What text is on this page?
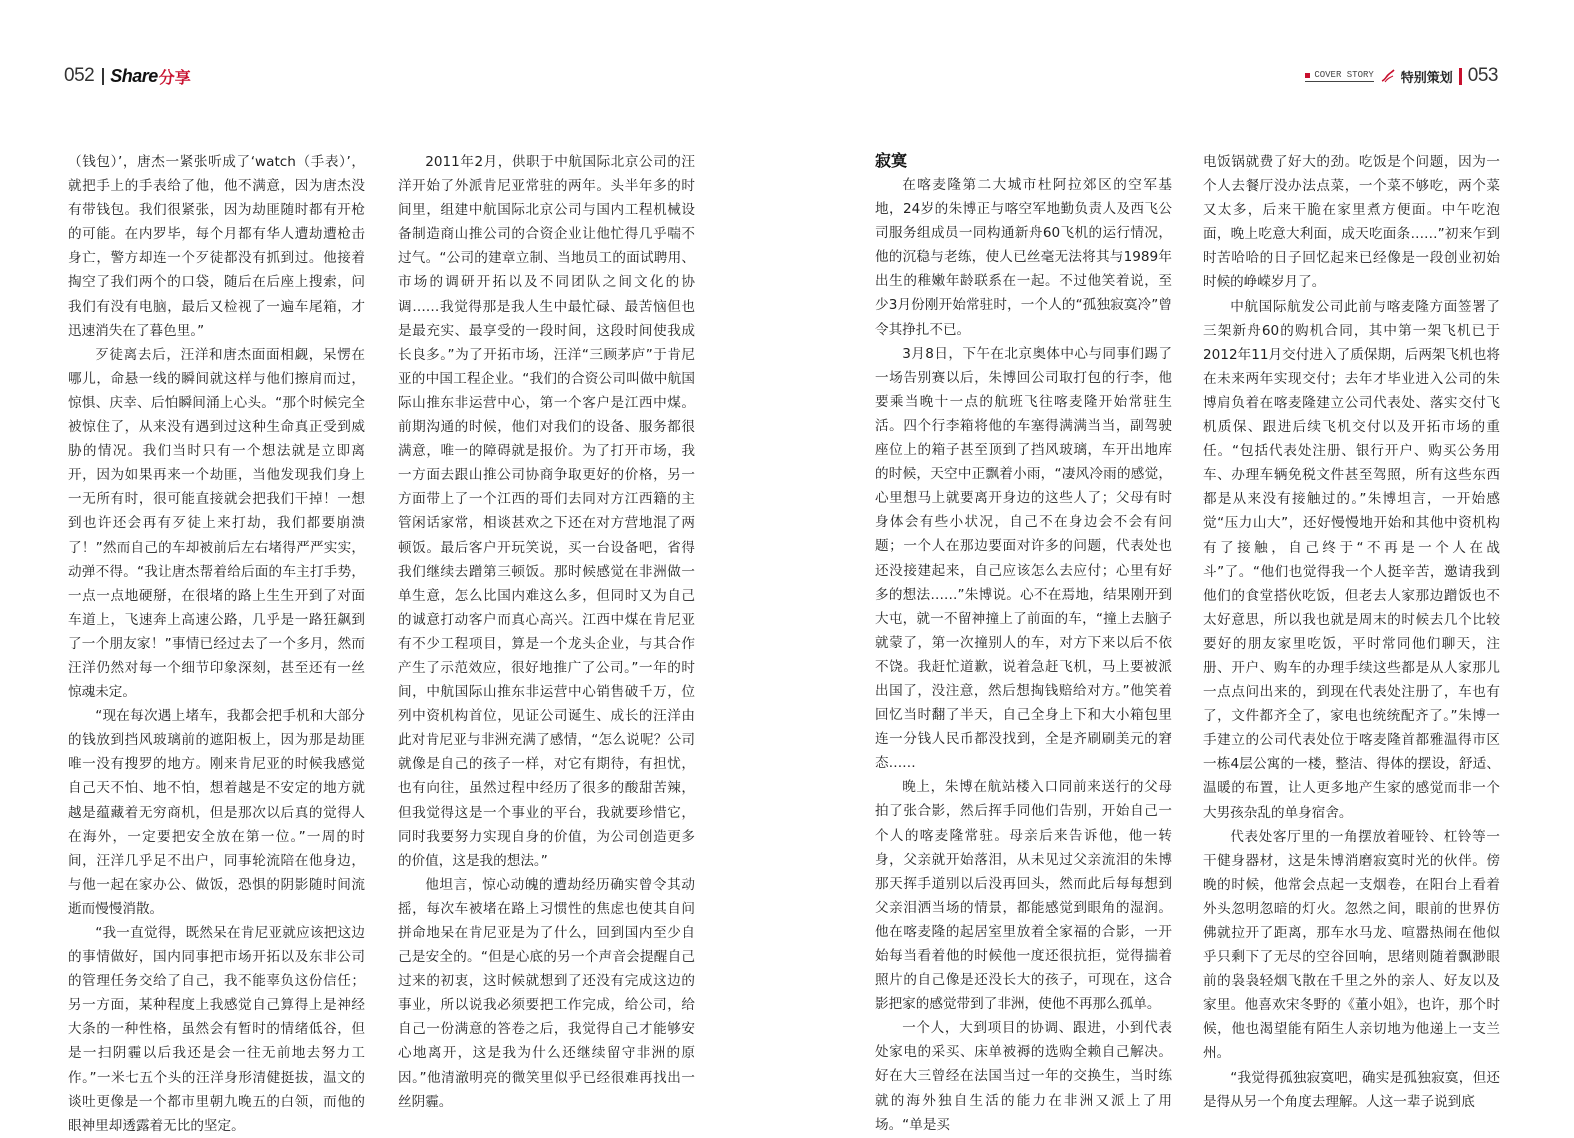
052 Share 分享	COVER STORY 特别策划 053

（钱包）’，唐杰一紧张听成了‘watch（手表）’，就把手上的手表给了他，他不满意，因为唐杰没有带钱包。我们很紧张，因为劫匪随时都有开枪的可能。在内罗毕，每个月都有华人遭劫遭枪击身亡，警方却连一个歹徒都没有抓到过。他接着掏空了我们两个的口袋，随后在后座上搜索，问我们有没有电脑，最后又检视了一遍车尾箱，才迅速消失在了暮色里。”

歹徒离去后，汪洋和唐杰面面相觑，呆愣在哪儿，命悬一线的瞬间就这样与他们擦肩而过，惊惧、庆幸、后怕瞬间涌上心头。“那个时候完全被惊住了，从来没有遇到过这种生命真正受到威胁的情况。我们当时只有一个想法就是立即离开，因为如果再来一个劫匪，当他发现我们身上一无所有时，很可能直接就会把我们干掉！一想到也许还会再有歹徒上来打劫，我们都要崩溃了！”然而自己的车却被前后左右堵得严严实实，动弹不得。“我让唐杰帮着给后面的车主打手势，一点一点地硬掰，在很堵的路上生生开到了对面车道上，飞速奔上高速公路，几乎是一路狂飙到了一个朋友家！”事情已经过去了一个多月，然而汪洋仍然对每一个细节印象深刻，甚至还有一丝惊魂未定。

“现在每次遇上堵车，我都会把手机和大部分的钱放到挡风玻璃前的遮阳板上，因为那是劫匪唯一没有搜罗的地方。刚来肯尼亚的时候我感觉自己天不怕、地不怕，想着越是不安定的地方就越是蕴藏着无穷商机，但是那次以后真的觉得人在海外，一定要把安全放在第一位。”一周的时间，汪洋几乎足不出户，同事轮流陪在他身边，与他一起在家办公、做饭，恐惧的阴影随时间流逝而慢慢消散。

“我一直觉得，既然呆在肯尼亚就应该把这边的事情做好，国内同事把市场开拓以及东非公司的管理任务交给了自己，我不能辜负这份信任；另一方面，某种程度上我感觉自己算得上是神经大条的一种性格，虽然会有暂时的情绪低谷，但是一扫阴霾以后我还是会一往无前地去努力工作。”一米七五个头的汪洋身形清健挺拔，温文的谈吐更像是一个都市里朝九晚五的白领，而他的眼神里却透露着无比的坚定。

2011年2月，供职于中航国际北京公司的汪洋开始了外派肯尼亚常驻的两年。头半年多的时间里，组建中航国际北京公司与国内工程机械设备制造商山推公司的合资企业让他忙得几乎喘不过气。“公司的建章立制、当地员工的面试聘用、市场的调研开拓以及不同团队之间文化的协调……我觉得那是我人生中最忙碌、最苦恼但也是最充实、最享受的一段时间，这段时间使我成长良多。”为了开拓市场，汪洋“三顾茅庐”于肯尼亚的中国工程企业。“我们的合资公司叫做中航国际山推东非运营中心，第一个客户是江西中煤。前期沟通的时候，他们对我们的设备、服务都很满意，唯一的障碍就是报价。为了打开市场，我一方面去跟山推公司协商争取更好的价格，另一方面带上了一个江西的哥们去同对方江西籍的主管闲话家常，相谈甚欢之下还在对方营地混了两顿饭。最后客户开玩笑说，买一台设备吧，省得我们继续去蹭第三顿饭。那时候感觉在非洲做一单生意，怎么比国内难这么多，但同时又为自己的诚意打动客户而真心高兴。江西中煤在肯尼亚有不少工程项目，算是一个龙头企业，与其合作产生了示范效应，很好地推广了公司。”一年的时间，中航国际山推东非运营中心销售破千万，位列中资机构首位，见证公司诞生、成长的汪洋由此对肯尼亚与非洲充满了感情，“怎么说呢？公司就像是自己的孩子一样，对它有期待，有担忧，也有向往，虽然过程中经历了很多的酸甜苦辣，但我觉得这是一个事业的平台，我就要珍惜它，同时我要努力实现自身的价值，为公司创造更多的价值，这是我的想法。”

他坦言，惊心动魄的遭劫经历确实曾令其动摇，每次车被堵在路上习惯性的焦虑也使其自问拼命地呆在肯尼亚是为了什么，回到国内至少自己是安全的。“但是心底的另一个声音会提醒自己过来的初衷，这时候就想到了还没有完成这边的事业，所以说我必须要把工作完成，给公司，给自己一份满意的答卷之后，我觉得自己才能够安心地离开，这是我为什么还继续留守非洲的原因。”他清澈明亮的微笑里似乎已经很难再找出一丝阴霾。

寂寞

在喀麦隆第二大城市杜阿拉郊区的空军基地，24岁的朱博正与喀空军地勤负责人及西飞公司服务组成员一同构通新舟60飞机的运行情况，他的沉稳与老练，使人已丝毫无法将其与1989年出生的稚嫩年龄联系在一起。不过他笑着说，至少3月份刚开始常驻时，一个人的“孤独寂寞冷”曾令其挣扎不已。

3月8日，下午在北京奥体中心与同事们踢了一场告别赛以后，朱博回公司取打包的行李，他要乘当晚十一点的航班飞往喀麦隆开始常驻生活。四个行李箱将他的车塞得满满当当，副驾驶座位上的箱子甚至顶到了挡风玻璃，车开出地库的时候，天空中正飘着小雨，“凄风冷雨的感觉，心里想马上就要离开身边的这些人了；父母有时身体会有些小状况，自己不在身边会不会有问题；一个人在那边要面对许多的问题，代表处也还没接建起来，自己应该怎么去应付；心里有好多的想法……”朱博说。心不在焉地，结果刚开到大屯，就一不留神撞上了前面的车，“撞上去脑子就蒙了，第一次撞别人的车，对方下来以后不依不饶。我赶忙道歉，说着急赶飞机，马上要被派出国了，没注意，然后想掏钱赔给对方。”他笑着回忆当时翻了半天，自己全身上下和大小箱包里连一分钱人民币都没找到，全是齐刷刷美元的窘态……

晚上，朱博在航站楼入口同前来送行的父母拍了张合影，然后挥手同他们告别，开始自己一个人的喀麦隆常驻。母亲后来告诉他，他一转身，父亲就开始落泪，从未见过父亲流泪的朱博那天挥手道别以后没再回头，然而此后每每想到父亲泪洒当场的情景，都能感觉到眼角的湿润。他在喀麦隆的起居室里放着全家福的合影，一开始每当看着他的时候他一度还很抗拒，觉得揣着照片的自己像是还没长大的孩子，可现在，这合影把家的感觉带到了非洲，使他不再那么孤单。

一个人，大到项目的协调、跟进，小到代表处家电的采买、床单被褥的选购全赖自己解决。好在大三曾经在法国当过一年的交换生，当时练就的海外独自生活的能力在非洲又派上了用场。“单是买

电饭锅就费了好大的劲。吃饭是个问题，因为一个人去餐厅没办法点菜，一个菜不够吃，两个菜又太多，后来干脆在家里煮方便面。中午吃泡面，晚上吃意大利面，成天吃面条……”初来乍到时苦哈哈的日子回忆起来已经像是一段创业初始时候的峥嵘岁月了。

中航国际航发公司此前与喀麦隆方面签署了三架新舟60的购机合同，其中第一架飞机已于2012年11月交付进入了质保期，后两架飞机也将在未来两年实现交付；去年才毕业进入公司的朱博肩负着在喀麦隆建立公司代表处、落实交付飞机质保、跟进后续飞机交付以及开拓市场的重任。“包括代表处注册、银行开户、购买公务用车、办理车辆免税文件甚至驾照，所有这些东西都是从来没有接触过的。”朱博坦言，一开始感觉“压力山大”，还好慢慢地开始和其他中资机构有了接触，自己终于“不再是一个人在战斗”了。“他们也觉得我一个人挺辛苦，邀请我到他们的食堂搭伙吃饭，但老去人家那边蹭饭也不太好意思，所以我也就是周末的时候去几个比较要好的朋友家里吃饭，平时常同他们聊天，注册、开户、购车的办理手续这些都是从人家那儿一点点问出来的，到现在代表处注册了，车也有了，文件都齐全了，家电也统统配齐了。”朱博一手建立的公司代表处位于喀麦隆首都雅温得市区一栋4层公寓的一楼，整洁、得体的摆设，舒适、温暖的布置，让人更多地产生家的感觉而非一个大男孩杂乱的单身宿舍。

代表处客厅里的一角摆放着哑铃、杠铃等一干健身器材，这是朱博消磨寂寞时光的伙伴。傍晚的时候，他常会点起一支烟卷，在阳台上看着外头忽明忽暗的灯火。忽然之间，眼前的世界仿佛就拉开了距离，那车水马龙、喧嚣热闹在他似乎只剩下了无尽的空谷回响，思绪则随着飘渺眼前的袅袅轻烟飞散在千里之外的亲人、好友以及家里。他喜欢宋冬野的《董小姐》，也许，那个时候，他也渴望能有陌生人亲切地为他递上一支兰州。

“我觉得孤独寂寞吧，确实是孤独寂寞，但还是得从另一个角度去理解。人这一辈子说到底
